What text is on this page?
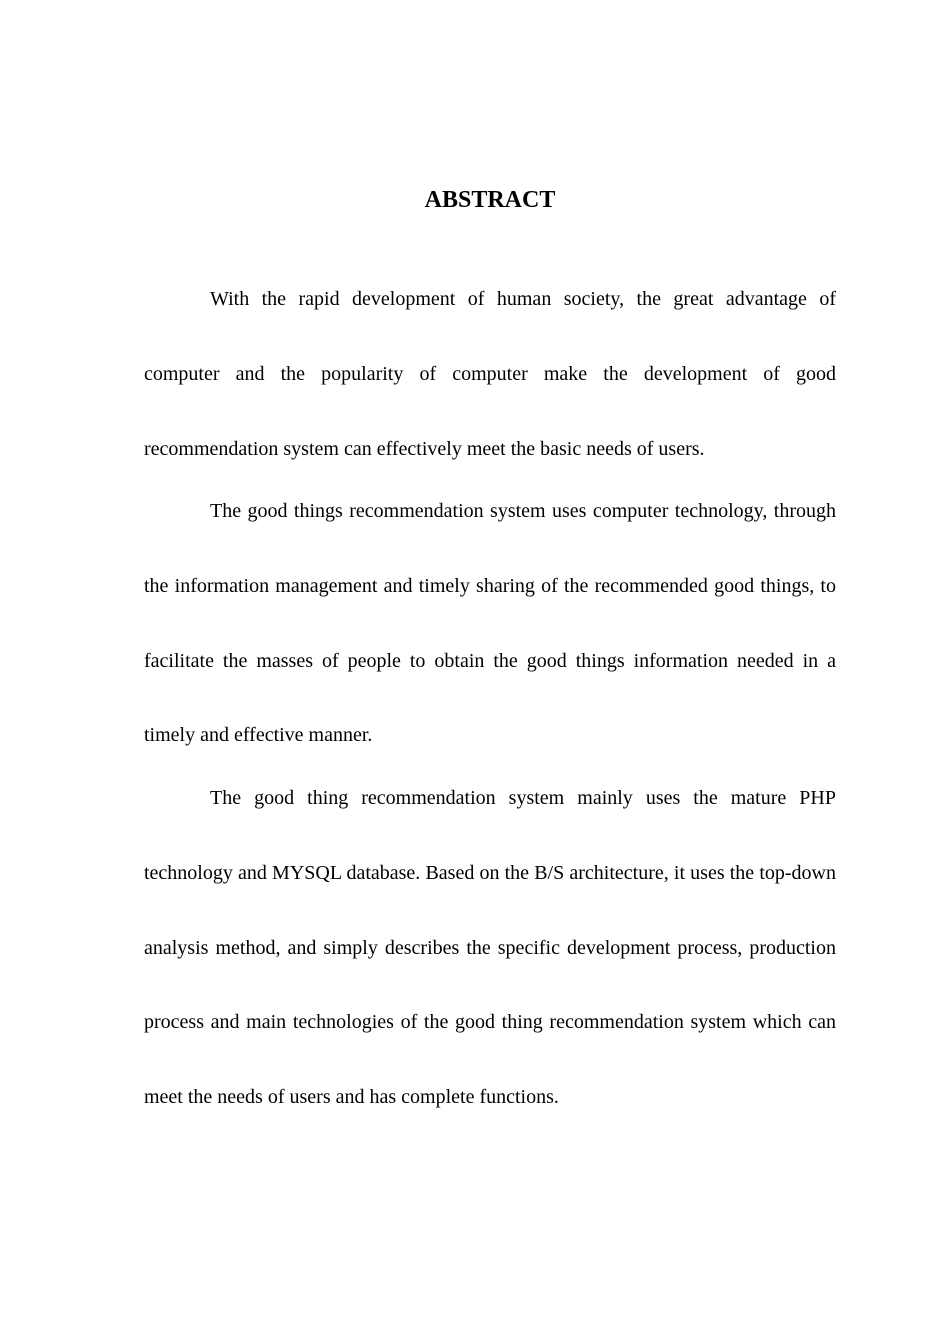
ABSTRACT

With the rapid development of human society, the great advantage of computer and the popularity of computer make the development of good recommendation system can effectively meet the basic needs of users.

The good things recommendation system uses computer technology, through the information management and timely sharing of the recommended good things, to facilitate the masses of people to obtain the good things information needed in a timely and effective manner.

The good thing recommendation system mainly uses the mature PHP technology and MYSQL database. Based on the B/S architecture, it uses the top-down analysis method, and simply describes the specific development process, production process and main technologies of the good thing recommendation system which can meet the needs of users and has complete functions.
